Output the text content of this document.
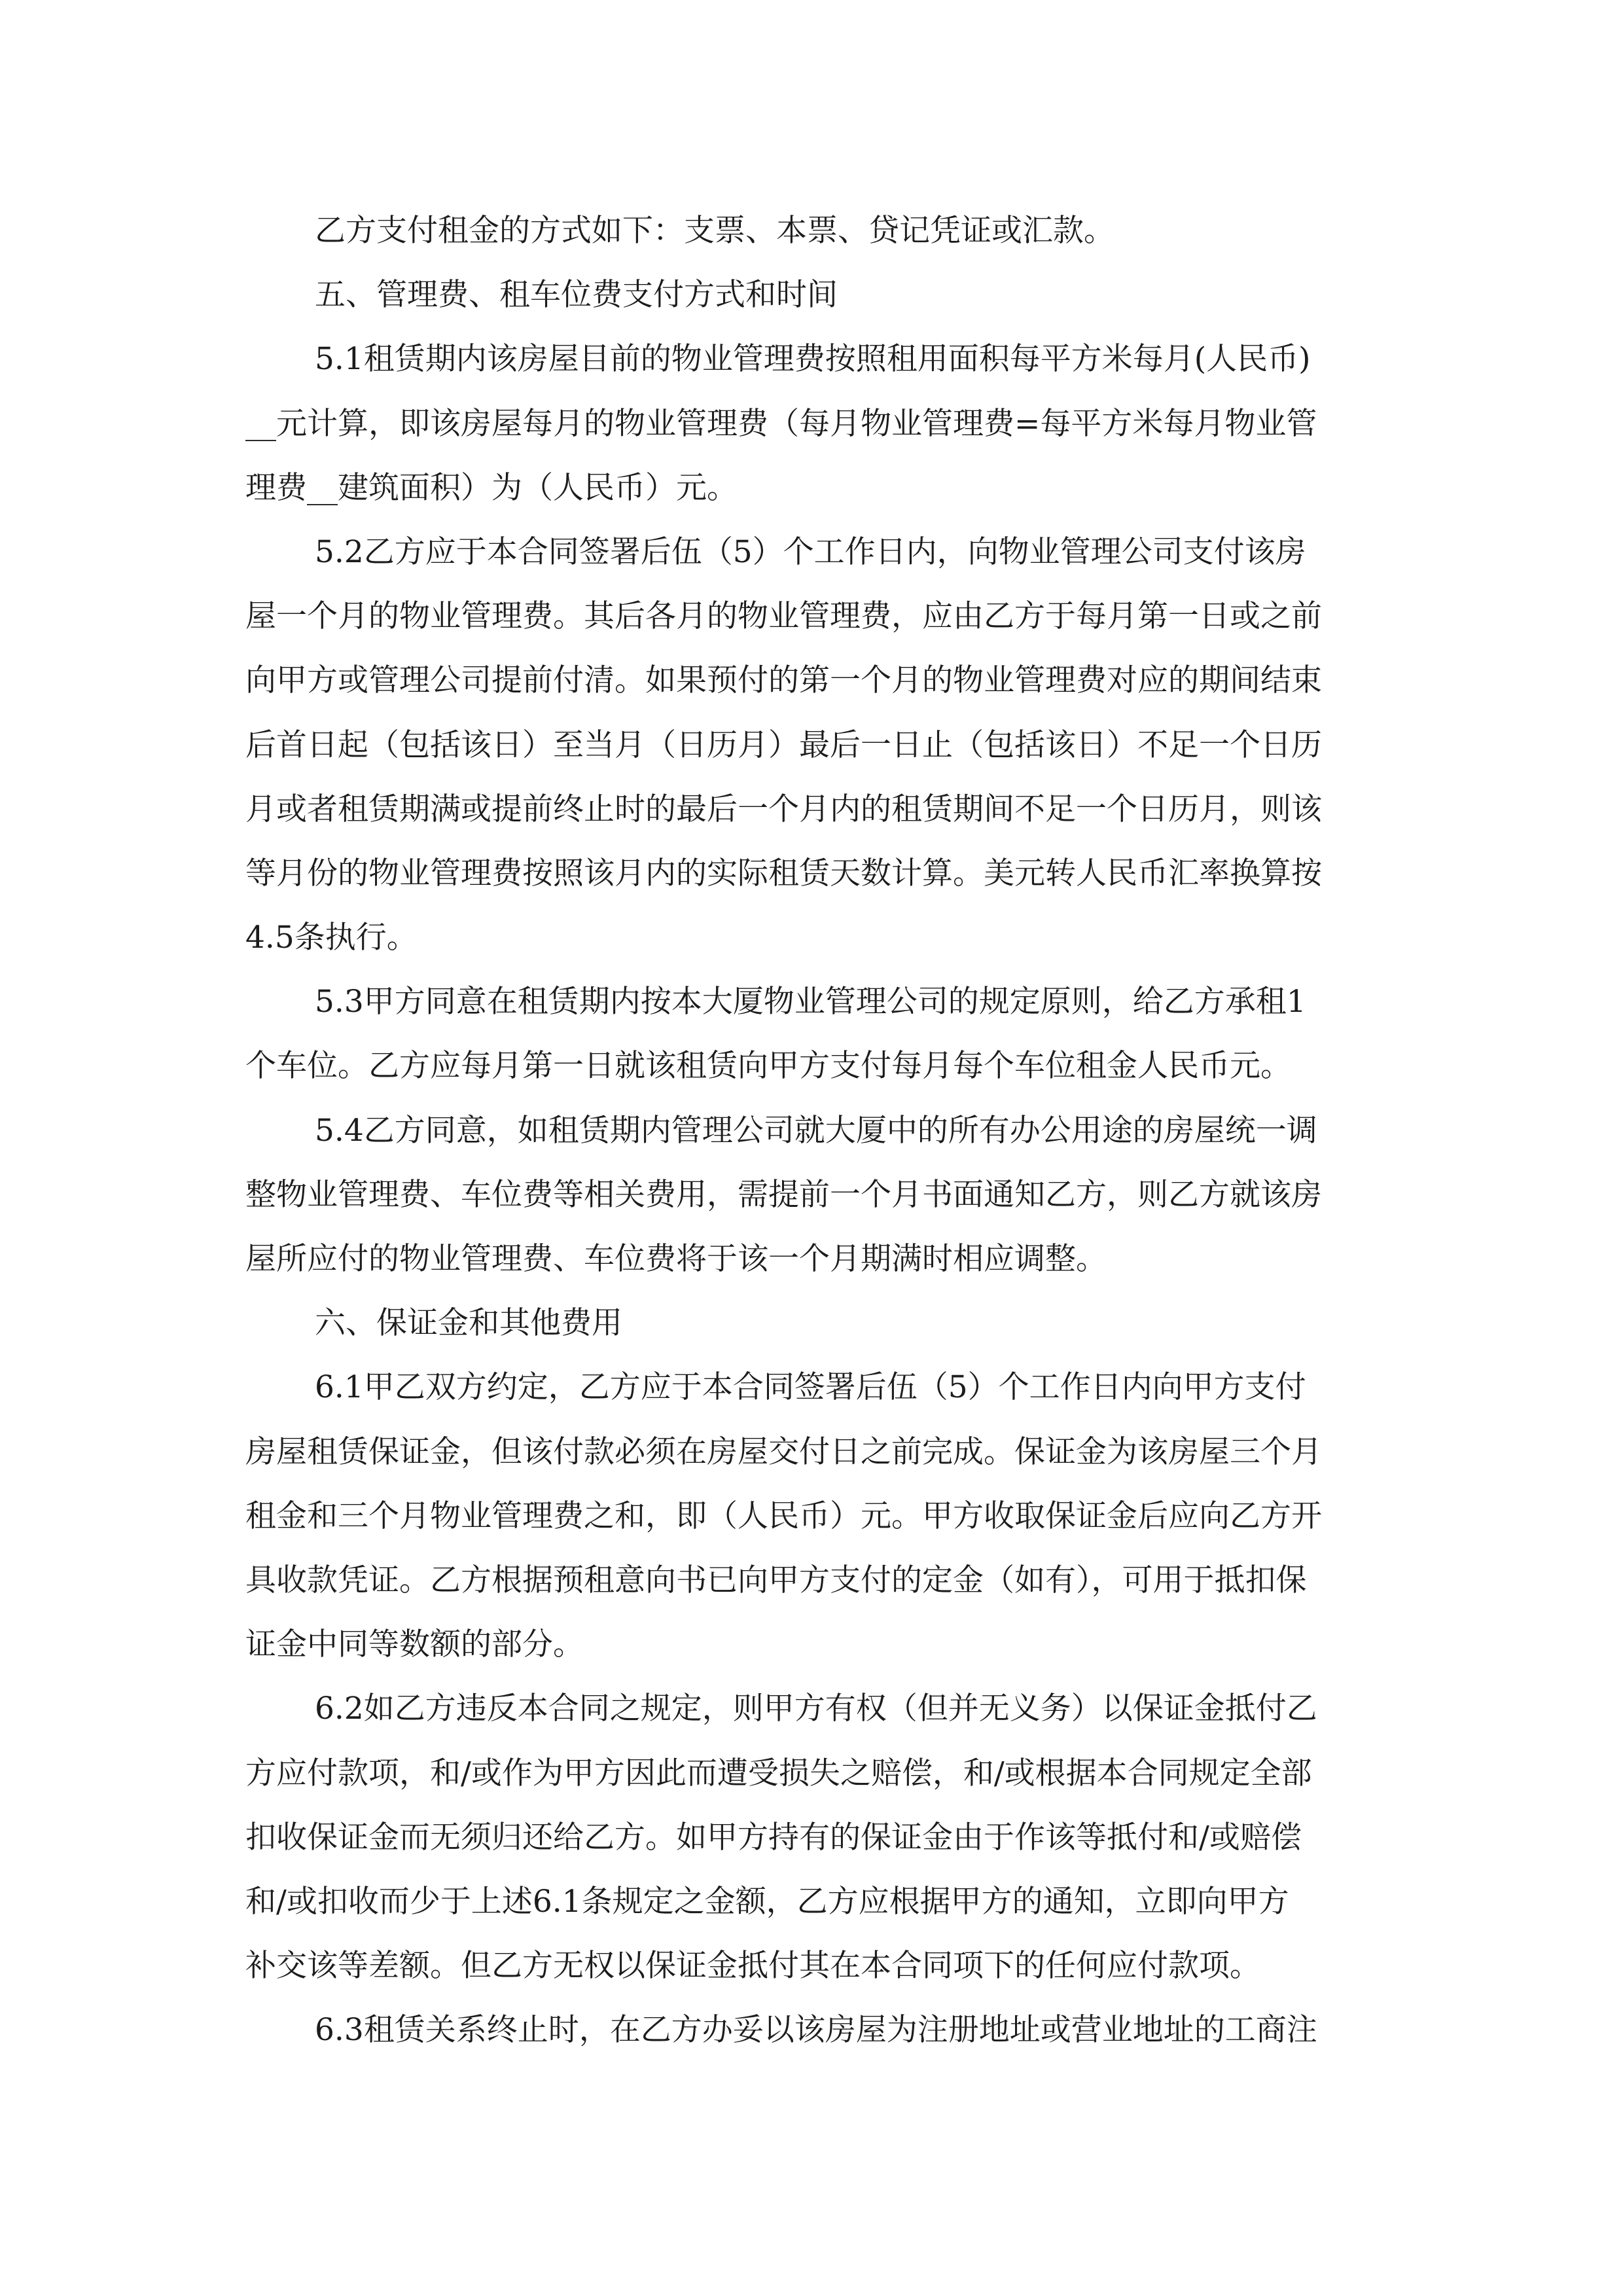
乙方支付租金的方式如下：支票、本票、贷记凭证或汇款。
五、管理费、租车位费支付方式和时间
5.1租赁期内该房屋目前的物业管理费按照租用面积每平方米每月(人民币)
__元计算，即该房屋每月的物业管理费（每月物业管理费=每平方米每月物业管
理费__建筑面积）为（人民币）元。
5.2乙方应于本合同签署后伍（5）个工作日内，向物业管理公司支付该房
屋一个月的物业管理费。其后各月的物业管理费，应由乙方于每月第一日或之前
向甲方或管理公司提前付清。如果预付的第一个月的物业管理费对应的期间结束
后首日起（包括该日）至当月（日历月）最后一日止（包括该日）不足一个日历
月或者租赁期满或提前终止时的最后一个月内的租赁期间不足一个日历月，则该
等月份的物业管理费按照该月内的实际租赁天数计算。美元转人民币汇率换算按
4.5条执行。
5.3甲方同意在租赁期内按本大厦物业管理公司的规定原则，给乙方承租1
个车位。乙方应每月第一日就该租赁向甲方支付每月每个车位租金人民币元。
5.4乙方同意，如租赁期内管理公司就大厦中的所有办公用途的房屋统一调
整物业管理费、车位费等相关费用，需提前一个月书面通知乙方，则乙方就该房
屋所应付的物业管理费、车位费将于该一个月期满时相应调整。
六、保证金和其他费用
6.1甲乙双方约定，乙方应于本合同签署后伍（5）个工作日内向甲方支付
房屋租赁保证金，但该付款必须在房屋交付日之前完成。保证金为该房屋三个月
租金和三个月物业管理费之和，即（人民币）元。甲方收取保证金后应向乙方开
具收款凭证。乙方根据预租意向书已向甲方支付的定金（如有），可用于抵扣保
证金中同等数额的部分。
6.2如乙方违反本合同之规定，则甲方有权（但并无义务）以保证金抵付乙
方应付款项，和/或作为甲方因此而遭受损失之赔偿，和/或根据本合同规定全部
扣收保证金而无须归还给乙方。如甲方持有的保证金由于作该等抵付和/或赔偿
和/或扣收而少于上述6.1条规定之金额，乙方应根据甲方的通知，立即向甲方
补交该等差额。但乙方无权以保证金抵付其在本合同项下的任何应付款项。
6.3租赁关系终止时，在乙方办妥以该房屋为注册地址或营业地址的工商注
